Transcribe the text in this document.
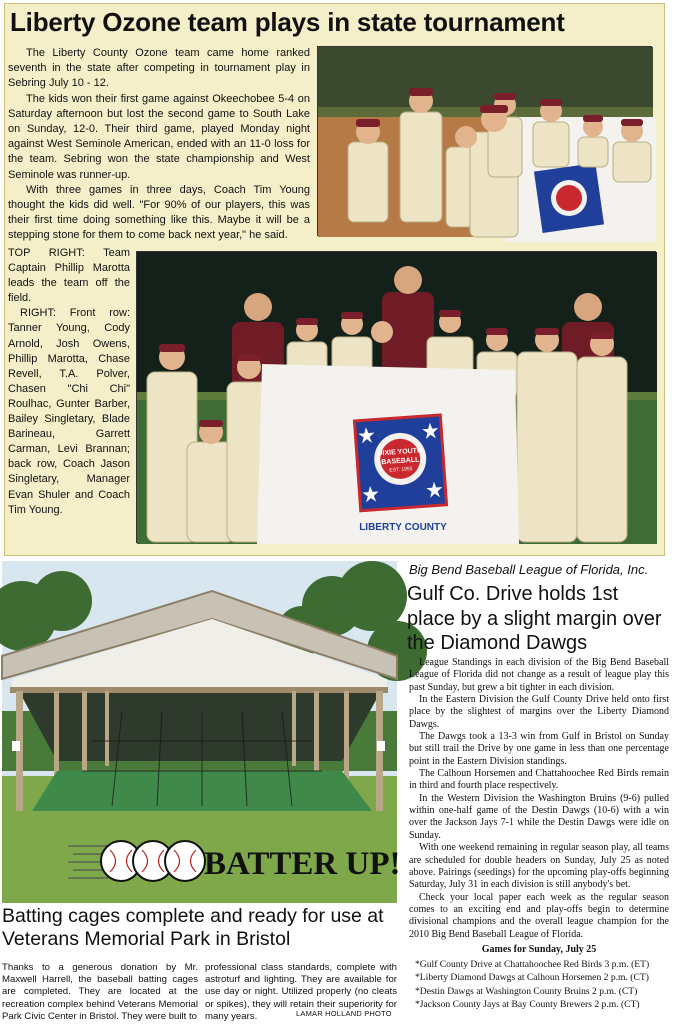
Liberty Ozone team plays in state tournament

The Liberty County Ozone team came home ranked seventh in the state after competing in tournament play in Sebring July 10 - 12.

The kids won their first game against Okeechobee 5-4 on Saturday afternoon but lost the second game to South Lake on Sunday, 12-0. Their third game, played Monday night against West Seminole American, ended with an 11-0 loss for the team. Sebring won the state championship and West Seminole was runner-up.

With three games in three days, Coach Tim Young thought the kids did well. "For 90% of our players, this was their first time doing something like this. Maybe it will be a stepping stone for them to come back next year," he said.

TOP RIGHT: Team Captain Phillip Marotta leads the team off the field.

RIGHT: Front row: Tanner Young, Cody Arnold, Josh Owens, Phillip Marotta, Chase Revell, T.A. Polver, Chasen "Chi Chi" Roulhac, Gunter Barber, Bailey Singletary, Blade Barineau, Garrett Carman, Levi Brannan; back row, Coach Jason Singletary, Manager Evan Shuler and Coach Tim Young.

DIXIE YOUTH
BASEBALL
EST. 1955
LIBERTY COUNTY
BATTER UP!
Batting cages complete and ready for use at Veterans Memorial Park in Bristol
Thanks to a generous donation by Mr. Maxwell Harrell, the baseball batting cages are completed. They are located at the recreation complex behind Veterans Memorial Park Civic Center in Bristol. They were built to
professional class standards, complete with astroturf and lighting. They are available for use day or night. Utilized properly (no cleats or spikes), they will retain their superiority for many years.	LAMAR HOLLAND PHOTO
Big Bend Baseball League of Florida, Inc.
Gulf Co. Drive holds 1st place by a slight margin over the Diamond Dawgs

League Standings in each division of the Big Bend Baseball League of Florida did not change as a result of league play this past Sunday, but grew a bit tighter in each division.

In the Eastern Division the Gulf County Drive held onto first place by the slightest of margins over the Liberty Diamond Dawgs.

The Dawgs took a 13-3 win from Gulf in Bristol on Sunday but still trail the Drive by one game in less than one percentage point in the Eastern Division standings.

The Calhoun Horsemen and Chattahoochee Red Birds remain in third and fourth place respectively.

In the Western Division the Washington Bruins (9-6) pulled within one-half game of the Destin Dawgs (10-6) with a win over the Jackson Jays 7-1 while the Destin Dawgs were idle on Sunday.

With one weekend remaining in regular season play, all teams are scheduled for double headers on Sunday, July 25 as noted above. Pairings (seedings) for the upcoming play-offs beginning Saturday, July 31 in each division is still anybody's bet.

Check your local paper each week as the regular season comes to an exciting end and play-offs begin to determine divisional champions and the overall league champion for the 2010 Big Bend Baseball League of Florida.

Games for Sunday, July 25
*Gulf County Drive at Chattahoochee Red Birds 3 p.m. (ET)
*Liberty Diamond Dawgs at Calhoun Horsemen 2 p.m. (CT)
*Destin Dawgs at Washington County Bruins 2 p.m. (CT)
*Jackson County Jays at Bay County Brewers 2 p.m. (CT)
